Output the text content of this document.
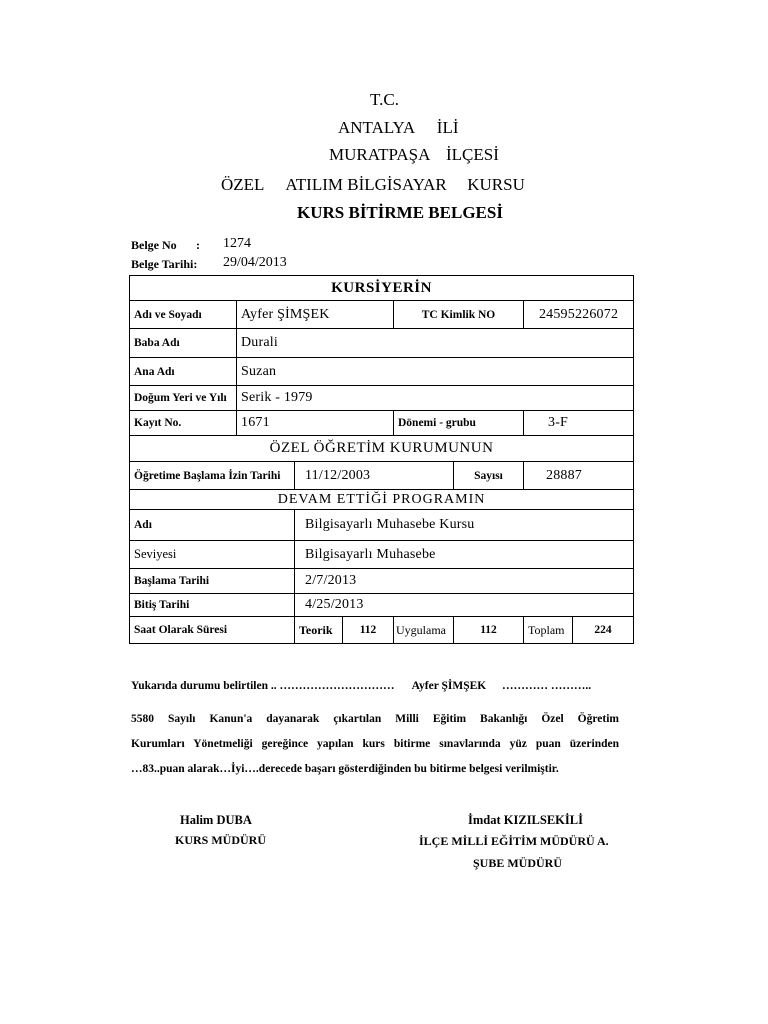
T.C.
ANTALYA İLİ
MURATPAŞA İLÇESİ
ÖZEL ATILIM BİLGİSAYAR KURSU
KURS BİTİRME BELGESİ
Belge No : 1274
Belge Tarihi: 29/04/2013
KURSİYERİN							
Adı ve Soyadı	Ayfer ŞİMŞEK			TC Kimlik NO		24595226072	
Baba Adı	Durali						
Ana Adı	Suzan						
Doğum Yeri ve Yılı	Serik - 1979						
Kayıt No.	1671			Dönemi - grubu		3-F	
ÖZEL ÖĞRETİM KURUMUNUN							
Öğretime Başlama İzin Tarihi		11/12/2003			Sayısı	28887	
DEVAM ETTİĞİ PROGRAMIN							
Adı		Bilgisayarlı Muhasebe Kursu					
Seviyesi		Bilgisayarlı Muhasebe					
Başlama Tarihi		2/7/2013					
Bitiş Tarihi		4/25/2013					
Saat Olarak Süresi		Teorik	112	Uygulama	112	Toplam	224
Yukarıda durumu belirtilen .. ………………………… Ayfer ŞİMŞEK ………… ………..
5580 Sayılı Kanun'a dayanarak çıkartılan Milli Eğitim Bakanlığı Özel Öğretim
Kurumları Yönetmeliği gereğince yapılan kurs bitirme sınavlarında yüz puan üzerinden
…83..puan alarak…İyi….derecede başarı gösterdiğinden bu bitirme belgesi verilmiştir.
Halim DUBA
KURS MÜDÜRÜ
İmdat KIZILSEKİLİ
İLÇE MİLLİ EĞİTİM MÜDÜRÜ A.
ŞUBE MÜDÜRÜ
